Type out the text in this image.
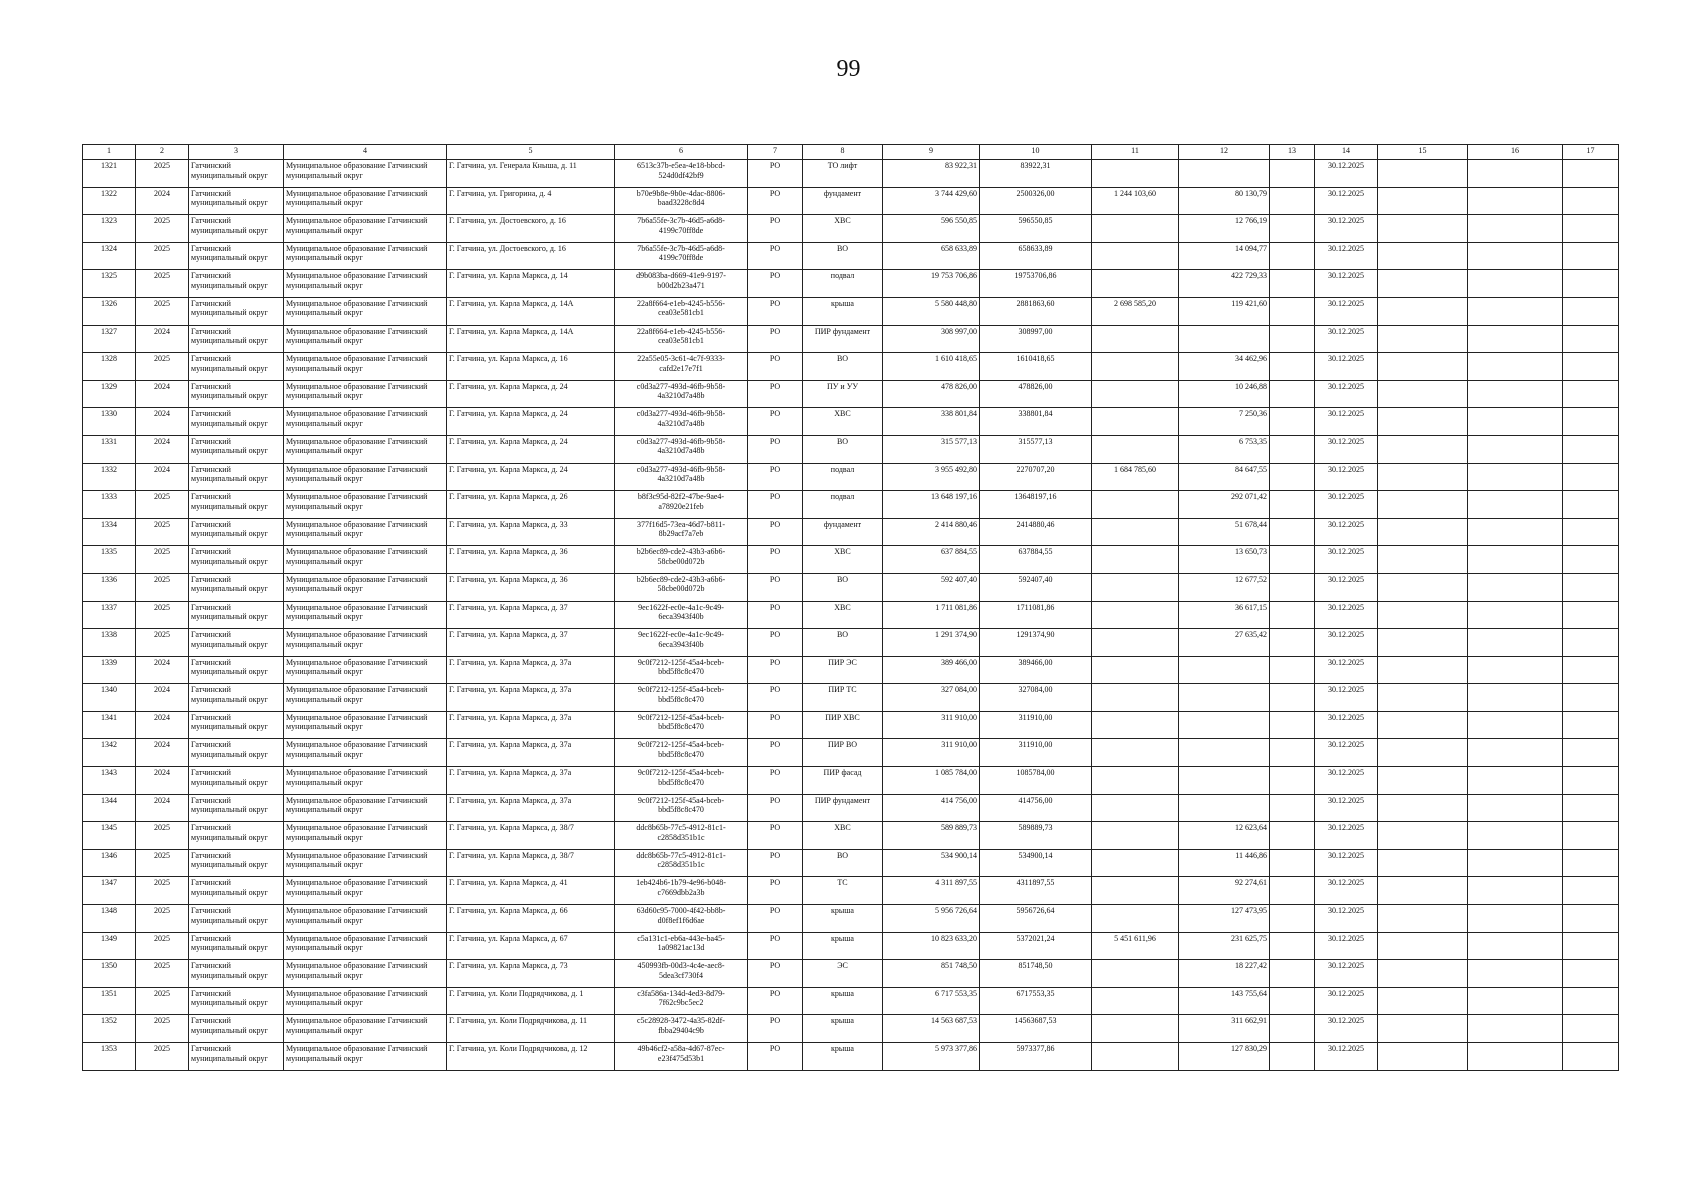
99
1	2	3	4	5	6	7	8	9	10	11	12	13	14	15	16	17
1321	2025	Гатчинский муниципальный округ	Муниципальное образование Гатчинский муниципальный округ	Г. Гатчина, ул. Генерала Кныша, д. 11	6513c37b-e5ea-4e18-bbcd-524d0df42bf9	РО	ТО лифт	83 922,31	83922,31				30.12.2025			
1322	2024	Гатчинский муниципальный округ	Муниципальное образование Гатчинский муниципальный округ	Г. Гатчина, ул. Григорина, д. 4	b70e9b8e-9b0e-4dac-8806-baad3228c8d4	РО	фундамент	3 744 429,60	2500326,00	1 244 103,60	80 130,79		30.12.2025			
1323	2025	Гатчинский муниципальный округ	Муниципальное образование Гатчинский муниципальный округ	Г. Гатчина, ул. Достоевского, д. 16	7b6a55fe-3c7b-46d5-a6d8-4199c70ff8de	РО	ХВС	596 550,85	596550,85		12 766,19		30.12.2025			
1324	2025	Гатчинский муниципальный округ	Муниципальное образование Гатчинский муниципальный округ	Г. Гатчина, ул. Достоевского, д. 16	7b6a55fe-3c7b-46d5-a6d8-4199c70ff8de	РО	ВО	658 633,89	658633,89		14 094,77		30.12.2025			
1325	2025	Гатчинский муниципальный округ	Муниципальное образование Гатчинский муниципальный округ	Г. Гатчина, ул. Карла Маркса, д. 14	d9b083ba-d669-41e9-9197-b00d2b23a471	РО	подвал	19 753 706,86	19753706,86		422 729,33		30.12.2025			
1326	2025	Гатчинский муниципальный округ	Муниципальное образование Гатчинский муниципальный округ	Г. Гатчина, ул. Карла Маркса, д. 14А	22a8f664-e1eb-4245-b556-cea03e581cb1	РО	крыша	5 580 448,80	2881863,60	2 698 585,20	119 421,60		30.12.2025			
1327	2024	Гатчинский муниципальный округ	Муниципальное образование Гатчинский муниципальный округ	Г. Гатчина, ул. Карла Маркса, д. 14А	22a8f664-e1eb-4245-b556-cea03e581cb1	РО	ПИР фундамент	308 997,00	308997,00				30.12.2025			
1328	2025	Гатчинский муниципальный округ	Муниципальное образование Гатчинский муниципальный округ	Г. Гатчина, ул. Карла Маркса, д. 16	22a55e05-3c61-4c7f-9333-cafd2e17e7f1	РО	ВО	1 610 418,65	1610418,65		34 462,96		30.12.2025			
1329	2024	Гатчинский муниципальный округ	Муниципальное образование Гатчинский муниципальный округ	Г. Гатчина, ул. Карла Маркса, д. 24	c0d3a277-493d-46fb-9b58-4a3210d7a48b	РО	ПУ и УУ	478 826,00	478826,00		10 246,88		30.12.2025			
1330	2024	Гатчинский муниципальный округ	Муниципальное образование Гатчинский муниципальный округ	Г. Гатчина, ул. Карла Маркса, д. 24	c0d3a277-493d-46fb-9b58-4a3210d7a48b	РО	ХВС	338 801,84	338801,84		7 250,36		30.12.2025			
1331	2024	Гатчинский муниципальный округ	Муниципальное образование Гатчинский муниципальный округ	Г. Гатчина, ул. Карла Маркса, д. 24	c0d3a277-493d-46fb-9b58-4a3210d7a48b	РО	ВО	315 577,13	315577,13		6 753,35		30.12.2025			
1332	2024	Гатчинский муниципальный округ	Муниципальное образование Гатчинский муниципальный округ	Г. Гатчина, ул. Карла Маркса, д. 24	c0d3a277-493d-46fb-9b58-4a3210d7a48b	РО	подвал	3 955 492,80	2270707,20	1 684 785,60	84 647,55		30.12.2025			
1333	2025	Гатчинский муниципальный округ	Муниципальное образование Гатчинский муниципальный округ	Г. Гатчина, ул. Карла Маркса, д. 26	b8f3c95d-82f2-47be-9ae4-a78920e21feb	РО	подвал	13 648 197,16	13648197,16		292 071,42		30.12.2025			
1334	2025	Гатчинский муниципальный округ	Муниципальное образование Гатчинский муниципальный округ	Г. Гатчина, ул. Карла Маркса, д. 33	377f16d5-73ea-46d7-b811-8b29acf7a7eb	РО	фундамент	2 414 880,46	2414880,46		51 678,44		30.12.2025			
1335	2025	Гатчинский муниципальный округ	Муниципальное образование Гатчинский муниципальный округ	Г. Гатчина, ул. Карла Маркса, д. 36	b2b6ec89-cde2-43b3-a6b6-58cbe00d072b	РО	ХВС	637 884,55	637884,55		13 650,73		30.12.2025			
1336	2025	Гатчинский муниципальный округ	Муниципальное образование Гатчинский муниципальный округ	Г. Гатчина, ул. Карла Маркса, д. 36	b2b6ec89-cde2-43b3-a6b6-58cbe00d072b	РО	ВО	592 407,40	592407,40		12 677,52		30.12.2025			
1337	2025	Гатчинский муниципальный округ	Муниципальное образование Гатчинский муниципальный округ	Г. Гатчина, ул. Карла Маркса, д. 37	9ec1622f-ec0e-4a1c-9c49-6eca3943f40b	РО	ХВС	1 711 081,86	1711081,86		36 617,15		30.12.2025			
1338	2025	Гатчинский муниципальный округ	Муниципальное образование Гатчинский муниципальный округ	Г. Гатчина, ул. Карла Маркса, д. 37	9ec1622f-ec0e-4a1c-9c49-6eca3943f40b	РО	ВО	1 291 374,90	1291374,90		27 635,42		30.12.2025			
1339	2024	Гатчинский муниципальный округ	Муниципальное образование Гатчинский муниципальный округ	Г. Гатчина, ул. Карла Маркса, д. 37а	9c0f7212-125f-45a4-bceb-bbd5f8c8c470	РО	ПИР ЭС	389 466,00	389466,00				30.12.2025			
1340	2024	Гатчинский муниципальный округ	Муниципальное образование Гатчинский муниципальный округ	Г. Гатчина, ул. Карла Маркса, д. 37а	9c0f7212-125f-45a4-bceb-bbd5f8c8c470	РО	ПИР ТС	327 084,00	327084,00				30.12.2025			
1341	2024	Гатчинский муниципальный округ	Муниципальное образование Гатчинский муниципальный округ	Г. Гатчина, ул. Карла Маркса, д. 37а	9c0f7212-125f-45a4-bceb-bbd5f8c8c470	РО	ПИР ХВС	311 910,00	311910,00				30.12.2025			
1342	2024	Гатчинский муниципальный округ	Муниципальное образование Гатчинский муниципальный округ	Г. Гатчина, ул. Карла Маркса, д. 37а	9c0f7212-125f-45a4-bceb-bbd5f8c8c470	РО	ПИР ВО	311 910,00	311910,00				30.12.2025			
1343	2024	Гатчинский муниципальный округ	Муниципальное образование Гатчинский муниципальный округ	Г. Гатчина, ул. Карла Маркса, д. 37а	9c0f7212-125f-45a4-bceb-bbd5f8c8c470	РО	ПИР фасад	1 085 784,00	1085784,00				30.12.2025			
1344	2024	Гатчинский муниципальный округ	Муниципальное образование Гатчинский муниципальный округ	Г. Гатчина, ул. Карла Маркса, д. 37а	9c0f7212-125f-45a4-bceb-bbd5f8c8c470	РО	ПИР фундамент	414 756,00	414756,00				30.12.2025			
1345	2025	Гатчинский муниципальный округ	Муниципальное образование Гатчинский муниципальный округ	Г. Гатчина, ул. Карла Маркса, д. 38/7	ddc8b65b-77c5-4912-81c1-c2858d351b1c	РО	ХВС	589 889,73	589889,73		12 623,64		30.12.2025			
1346	2025	Гатчинский муниципальный округ	Муниципальное образование Гатчинский муниципальный округ	Г. Гатчина, ул. Карла Маркса, д. 38/7	ddc8b65b-77c5-4912-81c1-c2858d351b1c	РО	ВО	534 900,14	534900,14		11 446,86		30.12.2025			
1347	2025	Гатчинский муниципальный округ	Муниципальное образование Гатчинский муниципальный округ	Г. Гатчина, ул. Карла Маркса, д. 41	1eb424b6-1b79-4e96-b048-c7669dbb2a3b	РО	ТС	4 311 897,55	4311897,55		92 274,61		30.12.2025			
1348	2025	Гатчинский муниципальный округ	Муниципальное образование Гатчинский муниципальный округ	Г. Гатчина, ул. Карла Маркса, д. 66	63d60c95-7000-4f42-bb8b-d0f8ef1f6d6ae	РО	крыша	5 956 726,64	5956726,64		127 473,95		30.12.2025			
1349	2025	Гатчинский муниципальный округ	Муниципальное образование Гатчинский муниципальный округ	Г. Гатчина, ул. Карла Маркса, д. 67	c5a131c1-eb6a-443e-ba45-1a09821ac13d	РО	крыша	10 823 633,20	5372021,24	5 451 611,96	231 625,75		30.12.2025			
1350	2025	Гатчинский муниципальный округ	Муниципальное образование Гатчинский муниципальный округ	Г. Гатчина, ул. Карла Маркса, д. 73	450993fb-00d3-4c4e-aec8-5dea3cf730f4	РО	ЭС	851 748,50	851748,50		18 227,42		30.12.2025			
1351	2025	Гатчинский муниципальный округ	Муниципальное образование Гатчинский муниципальный округ	Г. Гатчина, ул. Коли Подрядчикова, д. 1	c3fa586a-134d-4ed3-8d79-7f62c9bc5ec2	РО	крыша	6 717 553,35	6717553,35		143 755,64		30.12.2025			
1352	2025	Гатчинский муниципальный округ	Муниципальное образование Гатчинский муниципальный округ	Г. Гатчина, ул. Коли Подрядчикова, д. 11	c5c28928-3472-4a35-82df-fbba29404c9b	РО	крыша	14 563 687,53	14563687,53		311 662,91		30.12.2025			
1353	2025	Гатчинский муниципальный округ	Муниципальное образование Гатчинский муниципальный округ	Г. Гатчина, ул. Коли Подрядчикова, д. 12	49b46cf2-a58a-4d67-87ec-e23f475d53b1	РО	крыша	5 973 377,86	5973377,86		127 830,29		30.12.2025			
